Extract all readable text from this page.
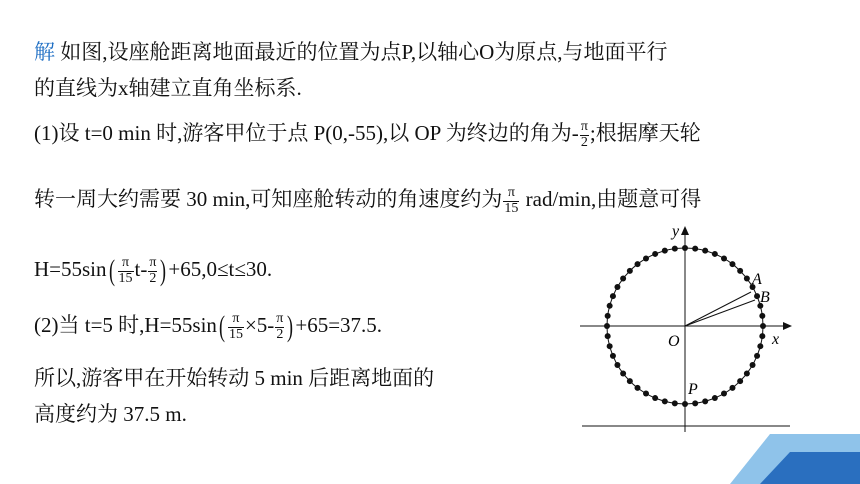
解 如图,设座舱距离地面最近的位置为点P,以轴心O为原点,与地面平行
的直线为x轴建立直角坐标系.
(1)设 t=0 min 时,游客甲位于点 P(0,-55),以 OP 为终边的角为- $\frac{\pi}{2}$ ;根据摩天轮
转一周大约需要 30 min,可知座舱转动的角速度约为 $\frac{\pi}{15} rad/\min$,由题意可得
$H=55\sin( \frac{\pi}{15} t- \frac{\pi}{2} )+65,0\le t\le 30$.
(2)当 t=5 时$,H=55\sin( \frac{\pi}{15} \times 5- \frac{\pi}{2} )+65=37.5$.
所以,游客甲在开始转动 5 min 后距离地面的
高度约为 37.5 m.
y
x
O
A
B
P
